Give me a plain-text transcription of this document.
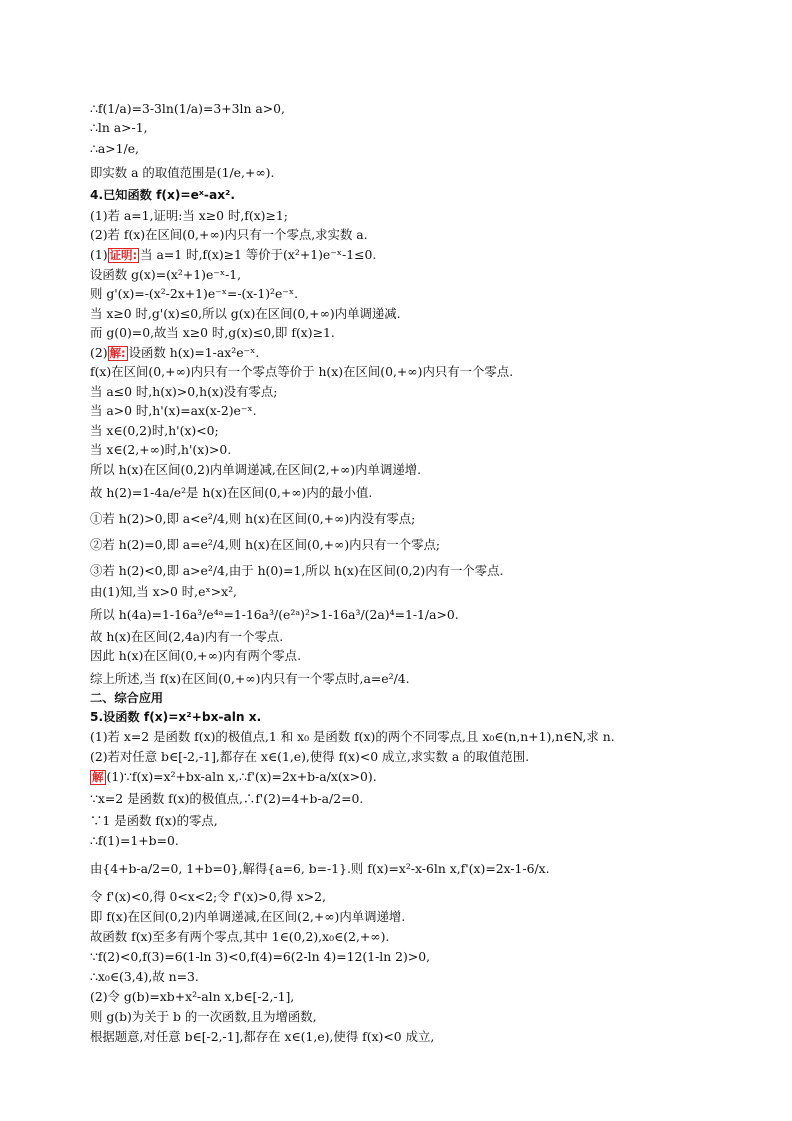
∴f(1/a)=3-3ln(1/a)=3+3ln a>0,
∴ln a>-1,
∴a>1/e,
即实数 a 的取值范围是(1/e,+∞).
4.已知函数 f(x)=eˣ-ax².
(1)若 a=1,证明:当 x≥0 时,f(x)≥1;
(2)若 f(x)在区间(0,+∞)内只有一个零点,求实数 a.
(1) 证明: 当 a=1 时,f(x)≥1 等价于(x²+1)e⁻ˣ-1≤0.
设函数 g(x)=(x²+1)e⁻ˣ-1,
则 g'(x)=-(x²-2x+1)e⁻ˣ=-(x-1)²e⁻ˣ.
当 x≥0 时,g'(x)≤0,所以 g(x)在区间(0,+∞)内单调递减.
而 g(0)=0,故当 x≥0 时,g(x)≤0,即 f(x)≥1.
(2) 解: 设函数 h(x)=1-ax²e⁻ˣ.
f(x)在区间(0,+∞)内只有一个零点等价于 h(x)在区间(0,+∞)内只有一个零点.
当 a≤0 时,h(x)>0,h(x)没有零点;
当 a>0 时,h'(x)=ax(x-2)e⁻ˣ.
当 x∈(0,2)时,h'(x)<0;
当 x∈(2,+∞)时,h'(x)>0.
所以 h(x)在区间(0,2)内单调递减,在区间(2,+∞)内单调递增.
故 h(2)=1-4a/e²是 h(x)在区间(0,+∞)内的最小值.
①若 h(2)>0,即 a<e²/4,则 h(x)在区间(0,+∞)内没有零点;
②若 h(2)=0,即 a=e²/4,则 h(x)在区间(0,+∞)内只有一个零点;
③若 h(2)<0,即 a>e²/4,由于 h(0)=1,所以 h(x)在区间(0,2)内有一个零点.
由(1)知,当 x>0 时,eˣ>x²,
所以 h(4a)=1-16a³/e⁴ᵃ=1-16a³/(e²ᵃ)²>1-16a³/(2a)⁴=1-1/a>0.
故 h(x)在区间(2,4a)内有一个零点.
因此 h(x)在区间(0,+∞)内有两个零点.
综上所述,当 f(x)在区间(0,+∞)内只有一个零点时,a=e²/4.
二、综合应用
5.设函数 f(x)=x²+bx-aln x.
(1)若 x=2 是函数 f(x)的极值点,1 和 x₀ 是函数 f(x)的两个不同零点,且 x₀∈(n,n+1),n∈N,求 n.
(2)若对任意 b∈[-2,-1],都存在 x∈(1,e),使得 f(x)<0 成立,求实数 a 的取值范围.
解 (1)∵f(x)=x²+bx-aln x,∴f'(x)=2x+b-a/x(x>0).
∵x=2 是函数 f(x)的极值点,∴f'(2)=4+b-a/2=0.
∵1 是函数 f(x)的零点,
∴f(1)=1+b=0.
由{4+b-a/2=0, 1+b=0},解得{a=6, b=-1}.则 f(x)=x²-x-6ln x,f'(x)=2x-1-6/x.
令 f'(x)<0,得 0<x<2;令 f'(x)>0,得 x>2,
即 f(x)在区间(0,2)内单调递减,在区间(2,+∞)内单调递增.
故函数 f(x)至多有两个零点,其中 1∈(0,2),x₀∈(2,+∞).
∵f(2)<0,f(3)=6(1-ln 3)<0,f(4)=6(2-ln 4)=12(1-ln 2)>0,
∴x₀∈(3,4),故 n=3.
(2)令 g(b)=xb+x²-aln x,b∈[-2,-1],
则 g(b)为关于 b 的一次函数,且为增函数,
根据题意,对任意 b∈[-2,-1],都存在 x∈(1,e),使得 f(x)<0 成立,
